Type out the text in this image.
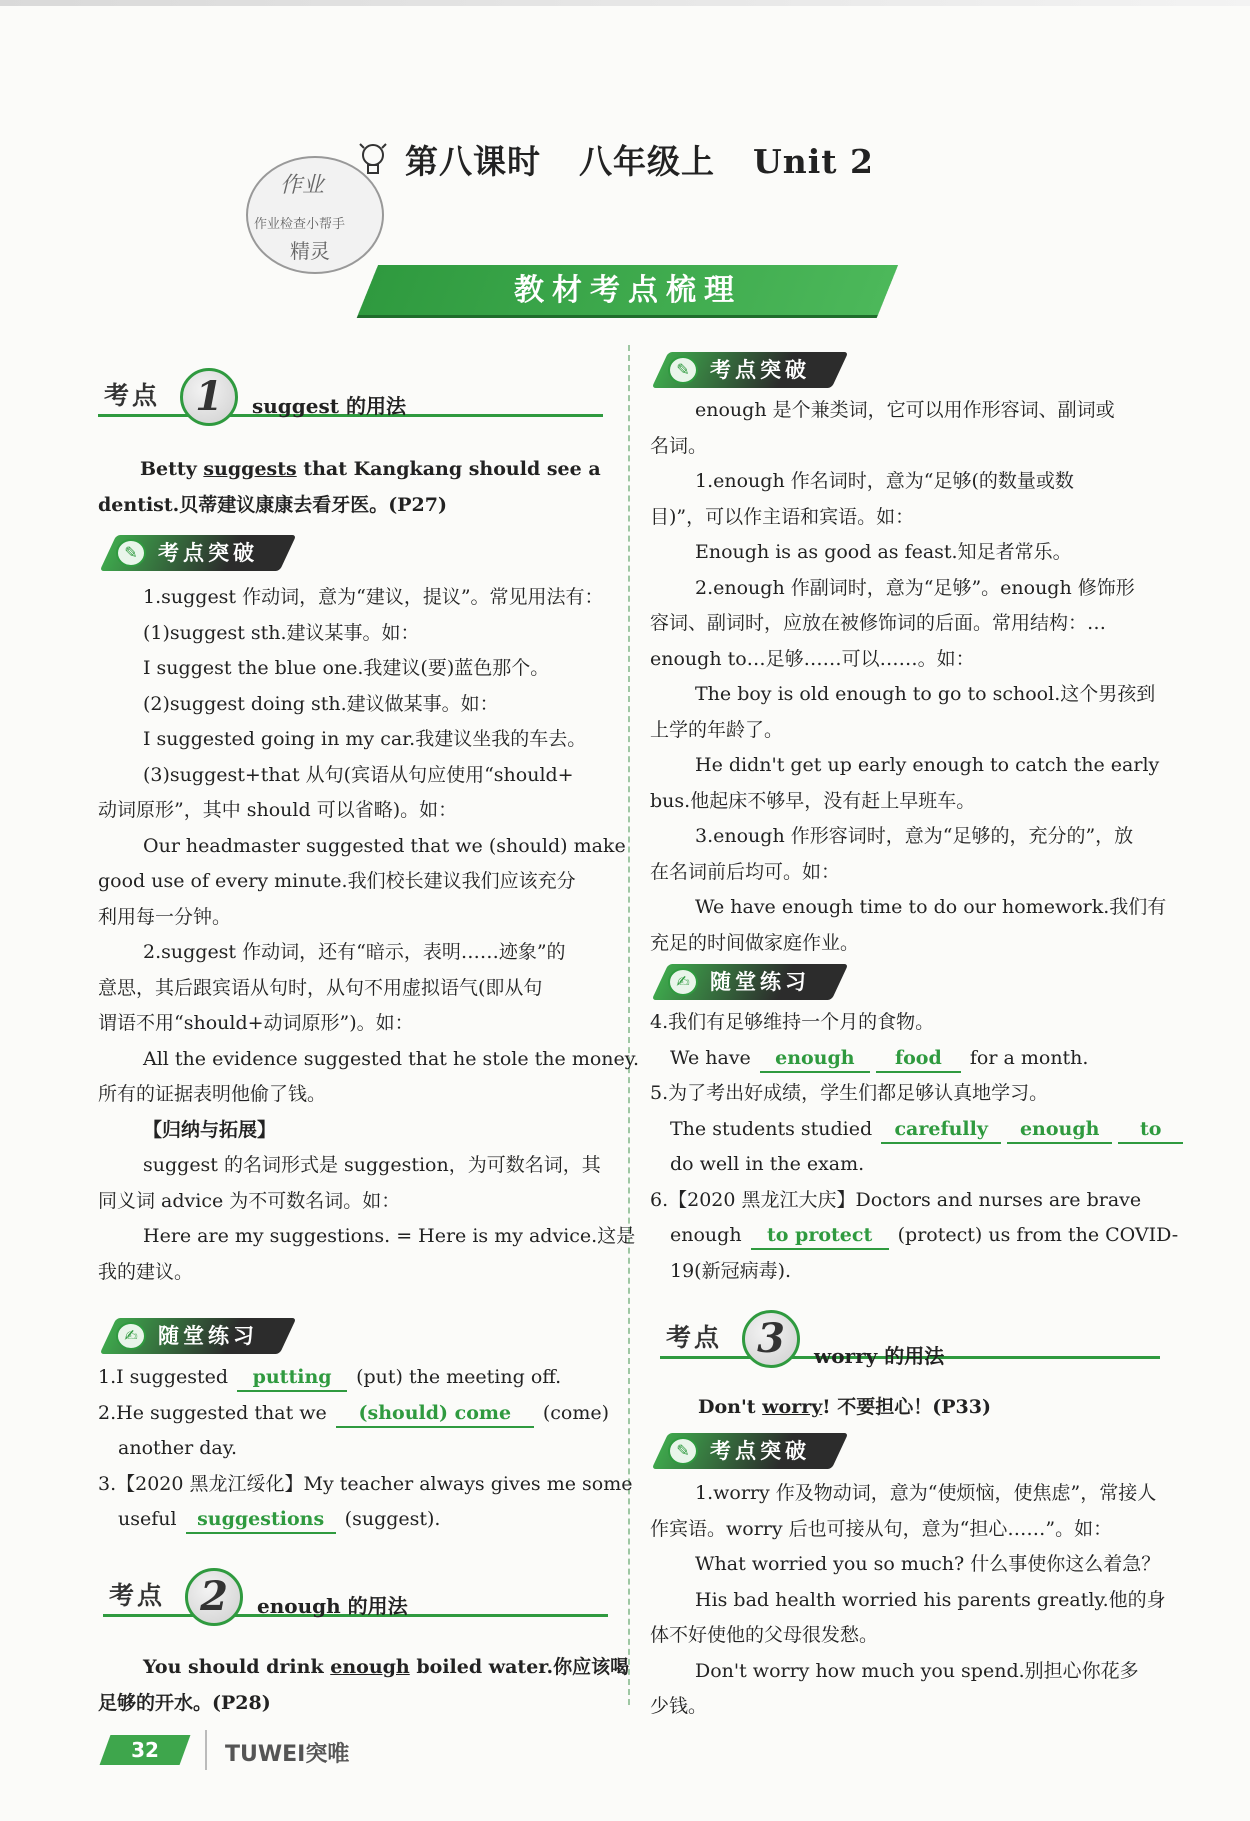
作业
作业检查小帮手
精灵
第八课时 八年级上 Unit 2
教材考点梳理
考点 1	suggest 的用法

Betty suggests that Kangkang should see a

dentist.贝蒂建议康康去看牙医。(P27)

✎ 考点突破

1.suggest 作动词，意为“建议，提议”。常见用法有：

(1)suggest sth.建议某事。如：

I suggest the blue one.我建议(要)蓝色那个。

(2)suggest doing sth.建议做某事。如：

I suggested going in my car.我建议坐我的车去。

(3)suggest+that 从句(宾语从句应使用“should+

动词原形”，其中 should 可以省略)。如：

Our headmaster suggested that we (should) make

good use of every minute.我们校长建议我们应该充分

利用每一分钟。

2.suggest 作动词，还有“暗示，表明……迹象”的

意思，其后跟宾语从句时，从句不用虚拟语气(即从句

谓语不用“should+动词原形”)。如：

All the evidence suggested that he stole the money.

所有的证据表明他偷了钱。

【归纳与拓展】

suggest 的名词形式是 suggestion，为可数名词，其

同义词 advice 为不可数名词。如：

Here are my suggestions. = Here is my advice.这是

我的建议。

✍ 随堂练习

1.I suggested putting (put) the meeting off.

2.He suggested that we (should) come (come)

another day.

3.【2020 黑龙江绥化】My teacher always gives me some

useful suggestions (suggest).

考点 2	enough 的用法

You should drink enough boiled water.你应该喝

足够的开水。(P28)

✎ 考点突破

enough 是个兼类词，它可以用作形容词、副词或

名词。

1.enough 作名词时，意为“足够(的数量或数

目)”，可以作主语和宾语。如：

Enough is as good as feast.知足者常乐。

2.enough 作副词时，意为“足够”。enough 修饰形

容词、副词时，应放在被修饰词的后面。常用结构：…

enough to…足够……可以……。如：

The boy is old enough to go to school.这个男孩到

上学的年龄了。

He didn't get up early enough to catch the early

bus.他起床不够早，没有赶上早班车。

3.enough 作形容词时，意为“足够的，充分的”，放

在名词前后均可。如：

We have enough time to do our homework.我们有

充足的时间做家庭作业。

✍ 随堂练习

4.我们有足够维持一个月的食物。

We have enough food for a month.

5.为了考出好成绩，学生们都足够认真地学习。

The students studied carefully enough to

do well in the exam.

6.【2020 黑龙江大庆】Doctors and nurses are brave

enough to protect (protect) us from the COVID-

19(新冠病毒).

考点 3	worry 的用法

Don't worry! 不要担心！(P33)

✎ 考点突破

1.worry 作及物动词，意为“使烦恼，使焦虑”，常接人

作宾语。worry 后也可接从句，意为“担心……”。如：

What worried you so much? 什么事使你这么着急？

His bad health worried his parents greatly.他的身

体不好使他的父母很发愁。

Don't worry how much you spend.别担心你花多

少钱。

32	TUWEI突唯
